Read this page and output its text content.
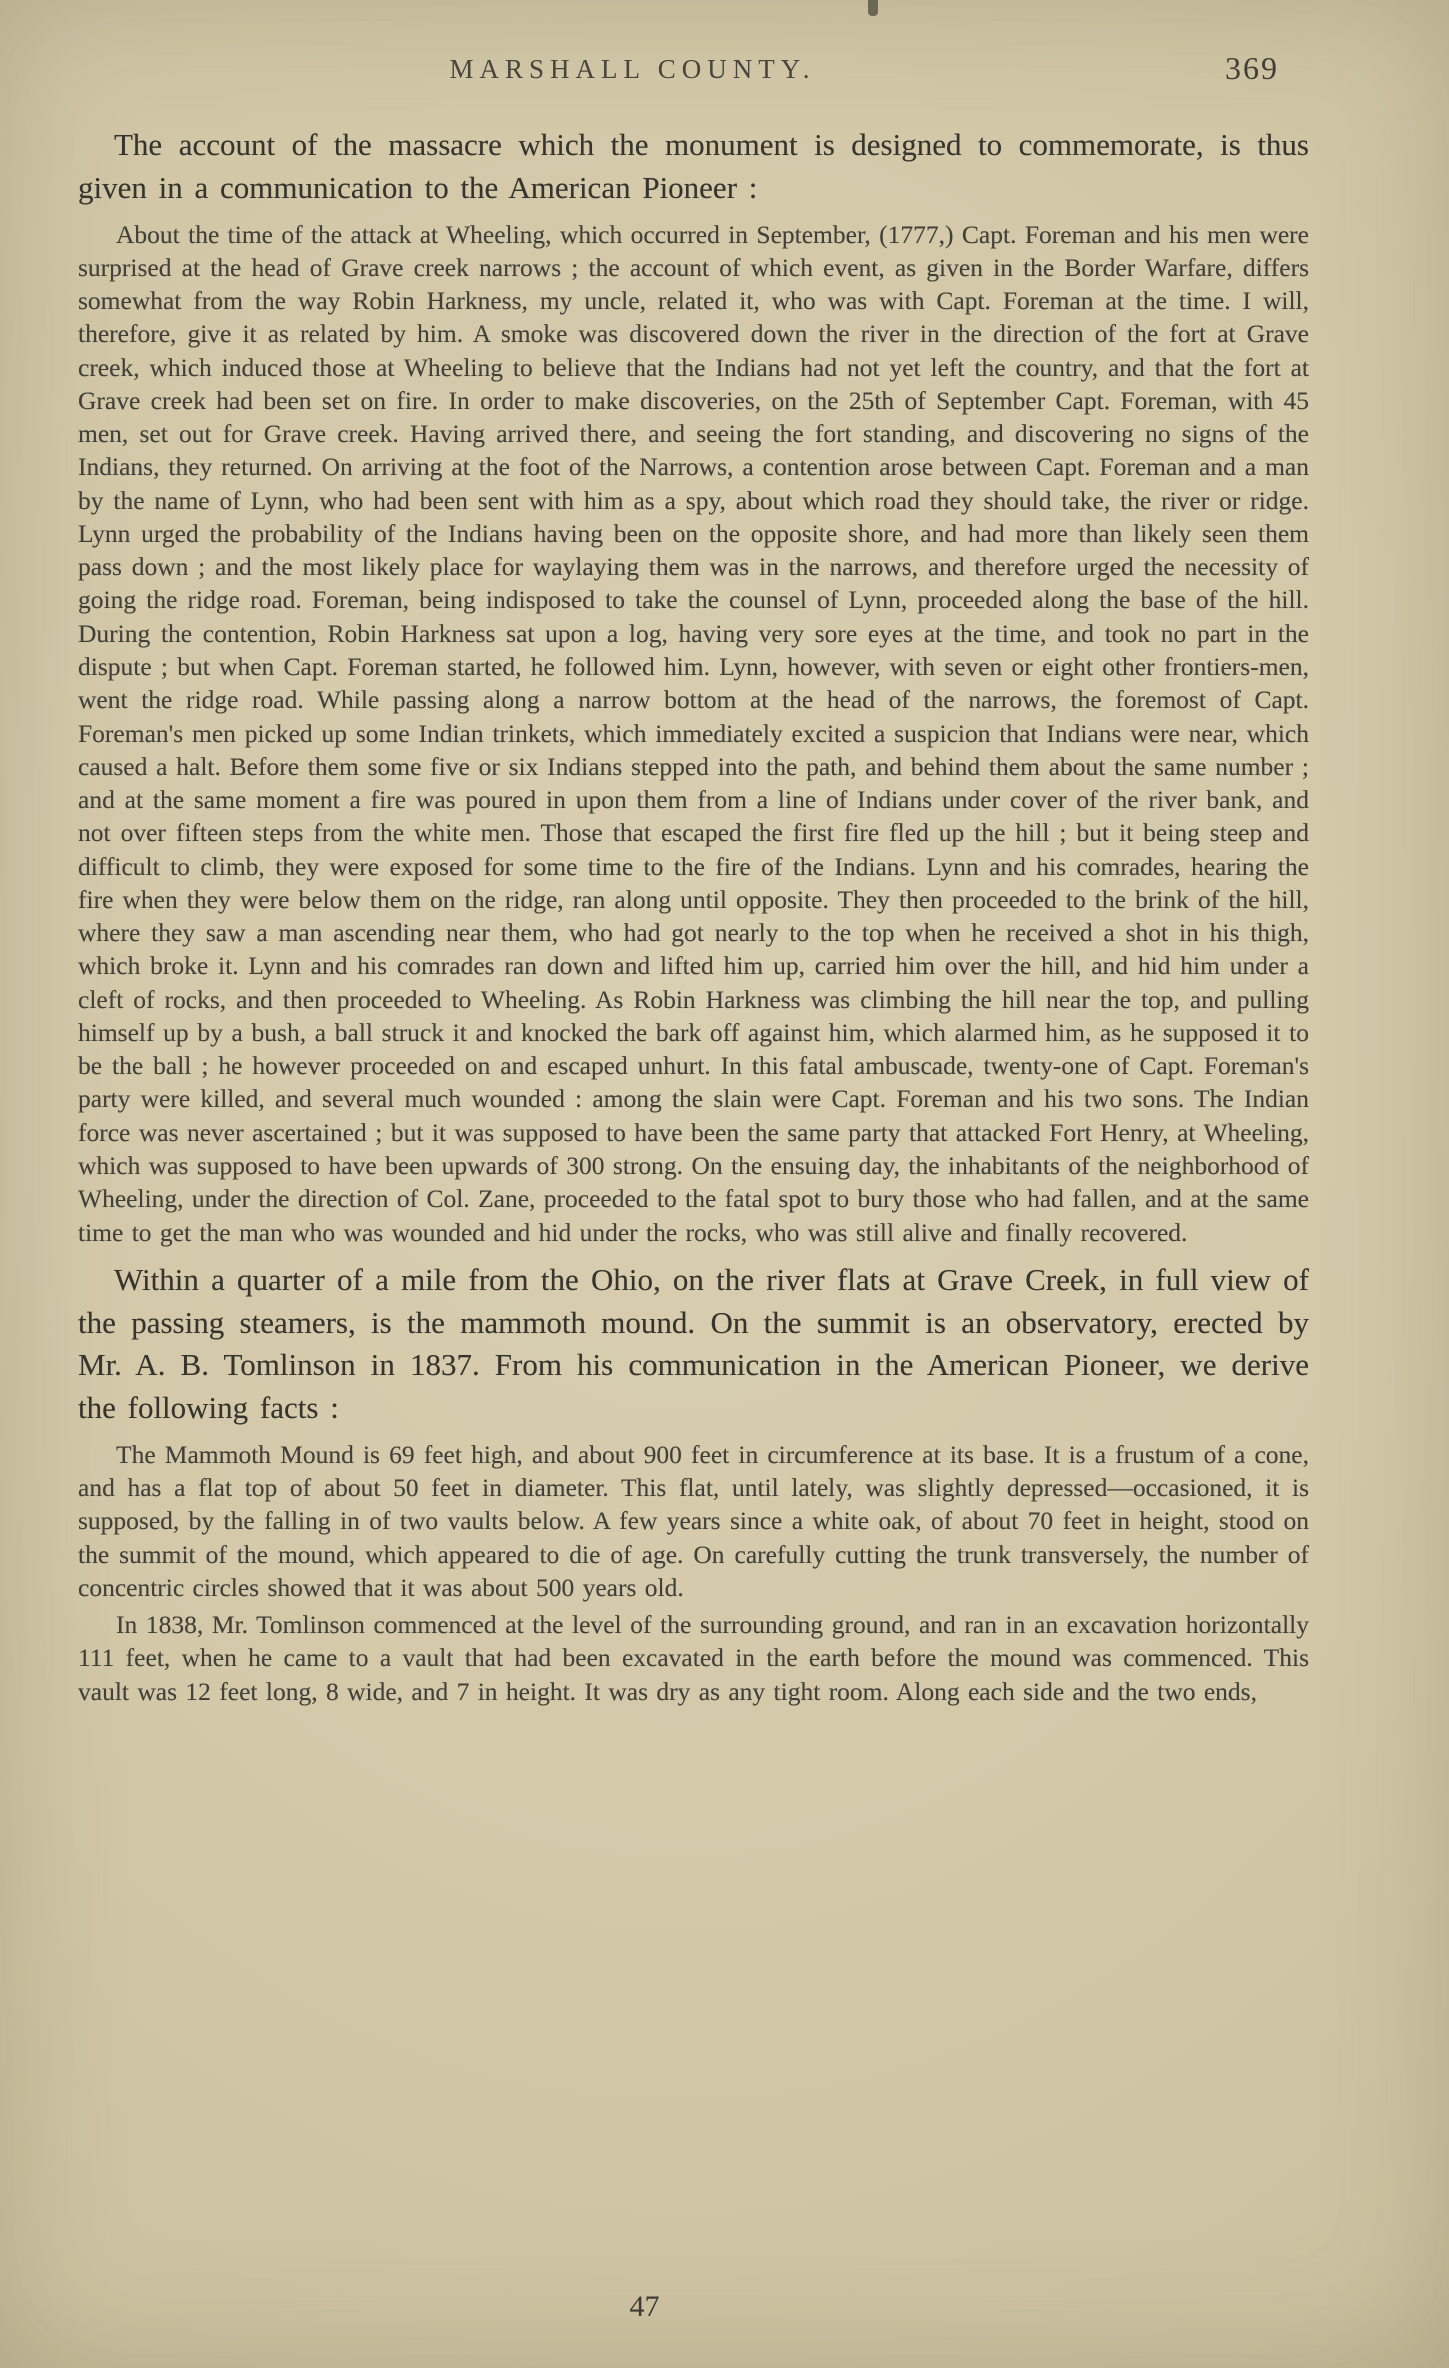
MARSHALL COUNTY.	369

The account of the massacre which the monument is designed to commemorate, is thus given in a communication to the American Pioneer :

About the time of the attack at Wheeling, which occurred in September, (1777,) Capt. Foreman and his men were surprised at the head of Grave creek narrows ; the account of which event, as given in the Border Warfare, differs somewhat from the way Robin Harkness, my uncle, related it, who was with Capt. Foreman at the time. I will, therefore, give it as related by him. A smoke was discovered down the river in the direction of the fort at Grave creek, which induced those at Wheeling to believe that the Indians had not yet left the country, and that the fort at Grave creek had been set on fire. In order to make discoveries, on the 25th of September Capt. Foreman, with 45 men, set out for Grave creek. Having arrived there, and seeing the fort standing, and discovering no signs of the Indians, they returned. On arriving at the foot of the Narrows, a contention arose between Capt. Foreman and a man by the name of Lynn, who had been sent with him as a spy, about which road they should take, the river or ridge. Lynn urged the probability of the Indians having been on the opposite shore, and had more than likely seen them pass down ; and the most likely place for waylaying them was in the narrows, and therefore urged the necessity of going the ridge road. Foreman, being indisposed to take the counsel of Lynn, proceeded along the base of the hill. During the contention, Robin Harkness sat upon a log, having very sore eyes at the time, and took no part in the dispute ; but when Capt. Foreman started, he followed him. Lynn, however, with seven or eight other frontiers-men, went the ridge road. While passing along a narrow bottom at the head of the narrows, the foremost of Capt. Foreman's men picked up some Indian trinkets, which immediately excited a suspicion that Indians were near, which caused a halt. Before them some five or six Indians stepped into the path, and behind them about the same number ; and at the same moment a fire was poured in upon them from a line of Indians under cover of the river bank, and not over fifteen steps from the white men. Those that escaped the first fire fled up the hill ; but it being steep and difficult to climb, they were exposed for some time to the fire of the Indians. Lynn and his comrades, hearing the fire when they were below them on the ridge, ran along until opposite. They then proceeded to the brink of the hill, where they saw a man ascending near them, who had got nearly to the top when he received a shot in his thigh, which broke it. Lynn and his comrades ran down and lifted him up, carried him over the hill, and hid him under a cleft of rocks, and then proceeded to Wheeling. As Robin Harkness was climbing the hill near the top, and pulling himself up by a bush, a ball struck it and knocked the bark off against him, which alarmed him, as he supposed it to be the ball ; he however proceeded on and escaped unhurt. In this fatal ambuscade, twenty-one of Capt. Foreman's party were killed, and several much wounded : among the slain were Capt. Foreman and his two sons. The Indian force was never ascertained ; but it was supposed to have been the same party that attacked Fort Henry, at Wheeling, which was supposed to have been upwards of 300 strong. On the ensuing day, the inhabitants of the neighborhood of Wheeling, under the direction of Col. Zane, proceeded to the fatal spot to bury those who had fallen, and at the same time to get the man who was wounded and hid under the rocks, who was still alive and finally recovered.

Within a quarter of a mile from the Ohio, on the river flats at Grave Creek, in full view of the passing steamers, is the mammoth mound. On the summit is an observatory, erected by Mr. A. B. Tomlinson in 1837. From his communication in the American Pioneer, we derive the following facts :

The Mammoth Mound is 69 feet high, and about 900 feet in circumference at its base. It is a frustum of a cone, and has a flat top of about 50 feet in diameter. This flat, until lately, was slightly depressed—occasioned, it is supposed, by the falling in of two vaults below. A few years since a white oak, of about 70 feet in height, stood on the summit of the mound, which appeared to die of age. On carefully cutting the trunk transversely, the number of concentric circles showed that it was about 500 years old.

In 1838, Mr. Tomlinson commenced at the level of the surrounding ground, and ran in an excavation horizontally 111 feet, when he came to a vault that had been excavated in the earth before the mound was commenced. This vault was 12 feet long, 8 wide, and 7 in height. It was dry as any tight room. Along each side and the two ends,

47
